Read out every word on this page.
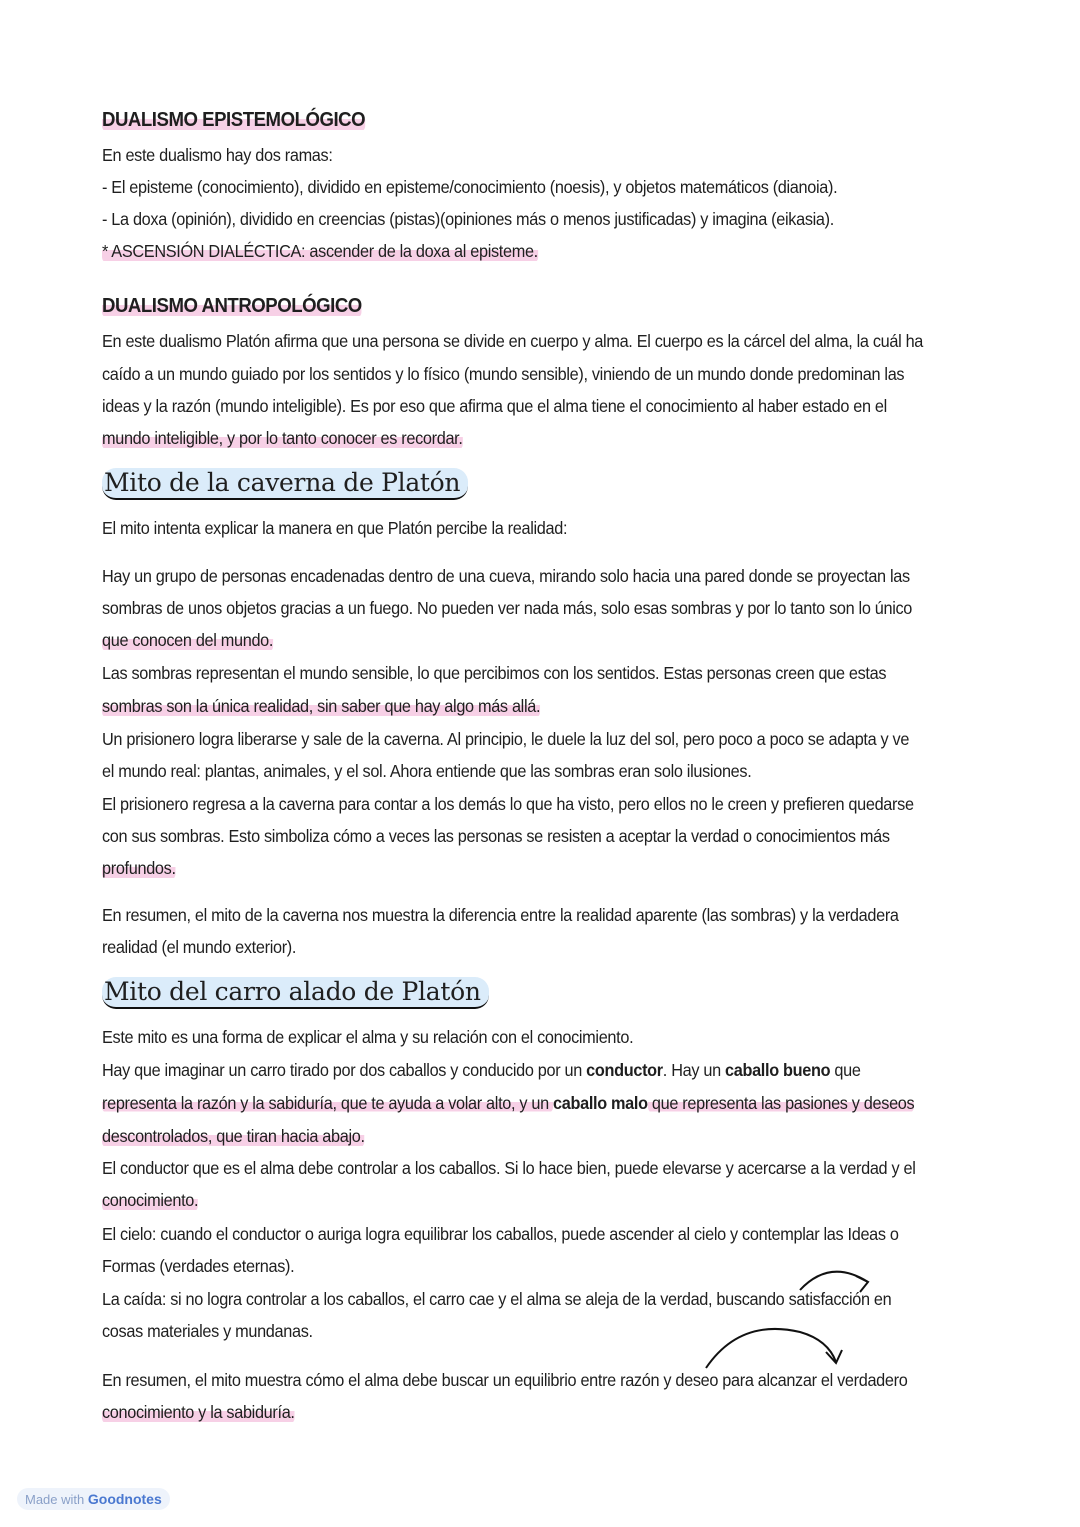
DUALISMO EPISTEMOLÓGICO
En este dualismo hay dos ramas:
- El episteme (conocimiento), dividido en episteme/conocimiento (noesis), y objetos matemáticos (dianoia).
- La doxa (opinión), dividido en creencias (pistas)(opiniones más o menos justificadas) y imagina (eikasia).
* ASCENSIÓN DIALÉCTICA: ascender de la doxa al episteme.
DUALISMO ANTROPOLÓGICO
En este dualismo Platón afirma que una persona se divide en cuerpo y alma. El cuerpo es la cárcel del alma, la cuál ha
caído a un mundo guiado por los sentidos y lo físico (mundo sensible), viniendo de un mundo donde predominan las
ideas y la razón (mundo inteligible). Es por eso que afirma que el alma tiene el conocimiento al haber estado en el
mundo inteligible, y por lo tanto conocer es recordar.
Mito de la caverna de Platón
El mito intenta explicar la manera en que Platón percibe la realidad:
Hay un grupo de personas encadenadas dentro de una cueva, mirando solo hacia una pared donde se proyectan las
sombras de unos objetos gracias a un fuego. No pueden ver nada más, solo esas sombras y por lo tanto son lo único
que conocen del mundo.
Las sombras representan el mundo sensible, lo que percibimos con los sentidos. Estas personas creen que estas
sombras son la única realidad, sin saber que hay algo más allá.
Un prisionero logra liberarse y sale de la caverna. Al principio, le duele la luz del sol, pero poco a poco se adapta y ve
el mundo real: plantas, animales, y el sol. Ahora entiende que las sombras eran solo ilusiones.
El prisionero regresa a la caverna para contar a los demás lo que ha visto, pero ellos no le creen y prefieren quedarse
con sus sombras. Esto simboliza cómo a veces las personas se resisten a aceptar la verdad o conocimientos más
profundos.
En resumen, el mito de la caverna nos muestra la diferencia entre la realidad aparente (las sombras) y la verdadera
realidad (el mundo exterior).
Mito del carro alado de Platón
Este mito es una forma de explicar el alma y su relación con el conocimiento.
Hay que imaginar un carro tirado por dos caballos y conducido por un conductor. Hay un caballo bueno que
representa la razón y la sabiduría, que te ayuda a volar alto, y un caballo malo que representa las pasiones y deseos
descontrolados, que tiran hacia abajo.
El conductor que es el alma debe controlar a los caballos. Si lo hace bien, puede elevarse y acercarse a la verdad y el
conocimiento.
El cielo: cuando el conductor o auriga logra equilibrar los caballos, puede ascender al cielo y contemplar las Ideas o
Formas (verdades eternas).
La caída: si no logra controlar a los caballos, el carro cae y el alma se aleja de la verdad, buscando satisfacción en
cosas materiales y mundanas.
En resumen, el mito muestra cómo el alma debe buscar un equilibrio entre razón y deseo para alcanzar el verdadero
conocimiento y la sabiduría.
Made with Goodnotes
